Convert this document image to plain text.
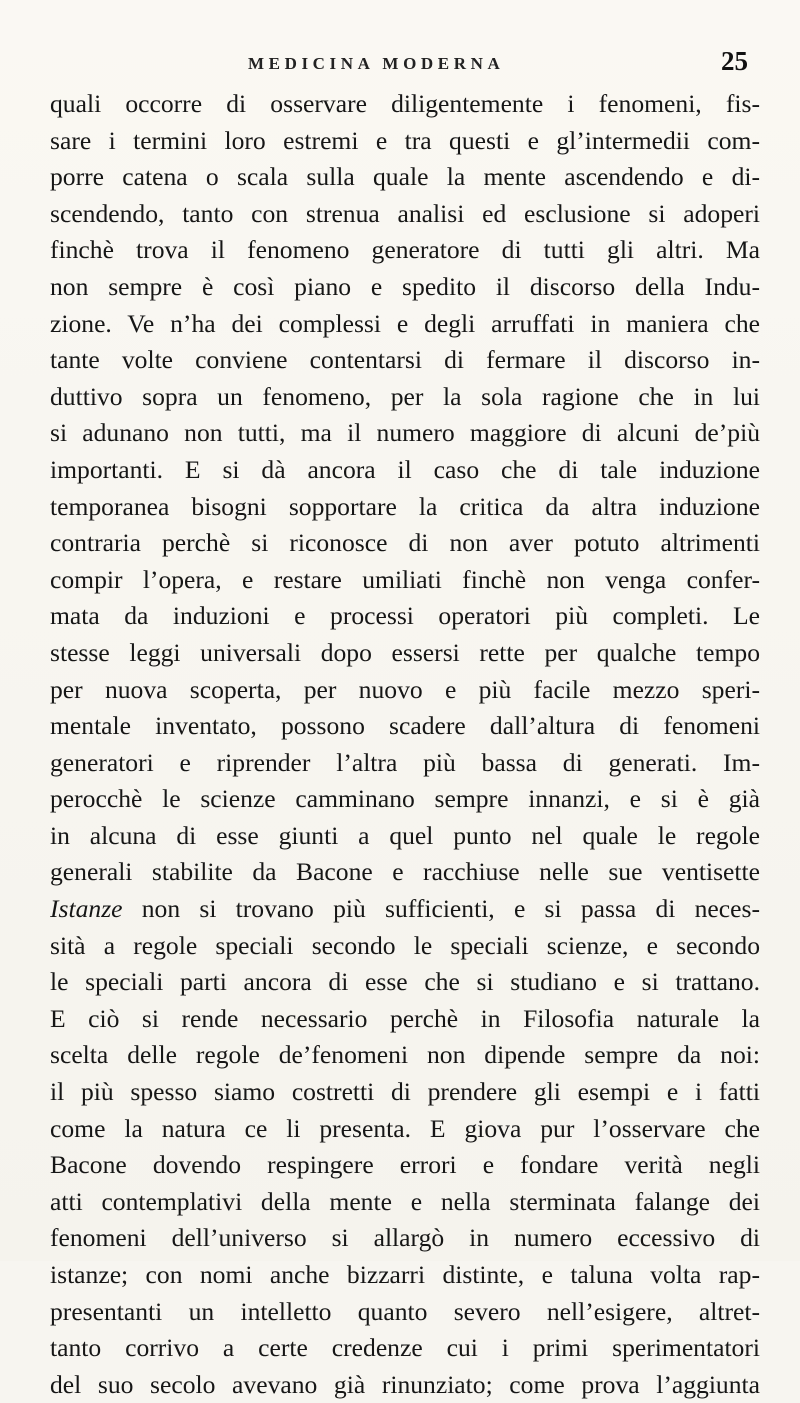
MEDICINA MODERNA	25
quali occorre di osservare diligentemente i fenomeni, fis-
sare i termini loro estremi e tra questi e gl’intermedii com-
porre catena o scala sulla quale la mente ascendendo e di-
scendendo, tanto con strenua analisi ed esclusione si adoperi
finchè trova il fenomeno generatore di tutti gli altri. Ma
non sempre è così piano e spedito il discorso della Indu-
zione. Ve n’ha dei complessi e degli arruffati in maniera che
tante volte conviene contentarsi di fermare il discorso in-
duttivo sopra un fenomeno, per la sola ragione che in lui
si adunano non tutti, ma il numero maggiore di alcuni de’più
importanti. E si dà ancora il caso che di tale induzione
temporanea bisogni sopportare la critica da altra induzione
contraria perchè si riconosce di non aver potuto altrimenti
compir l’opera, e restare umiliati finchè non venga confer-
mata da induzioni e processi operatori più completi. Le
stesse leggi universali dopo essersi rette per qualche tempo
per nuova scoperta, per nuovo e più facile mezzo speri-
mentale inventato, possono scadere dall’altura di fenomeni
generatori e riprender l’altra più bassa di generati. Im-
perocchè le scienze camminano sempre innanzi, e si è già
in alcuna di esse giunti a quel punto nel quale le regole
generali stabilite da Bacone e racchiuse nelle sue ventisette
Istanze non si trovano più sufficienti, e si passa di neces-
sità a regole speciali secondo le speciali scienze, e secondo
le speciali parti ancora di esse che si studiano e si trattano.
E ciò si rende necessario perchè in Filosofia naturale la
scelta delle regole de’fenomeni non dipende sempre da noi:
il più spesso siamo costretti di prendere gli esempi e i fatti
come la natura ce li presenta. E giova pur l’osservare che
Bacone dovendo respingere errori e fondare verità negli
atti contemplativi della mente e nella sterminata falange dei
fenomeni dell’universo si allargò in numero eccessivo di
istanze; con nomi anche bizzarri distinte, e taluna volta rap-
presentanti un intelletto quanto severo nell’esigere, altret-
tanto corrivo a certe credenze cui i primi sperimentatori
del suo secolo avevano già rinunziato; come prova l’aggiunta
